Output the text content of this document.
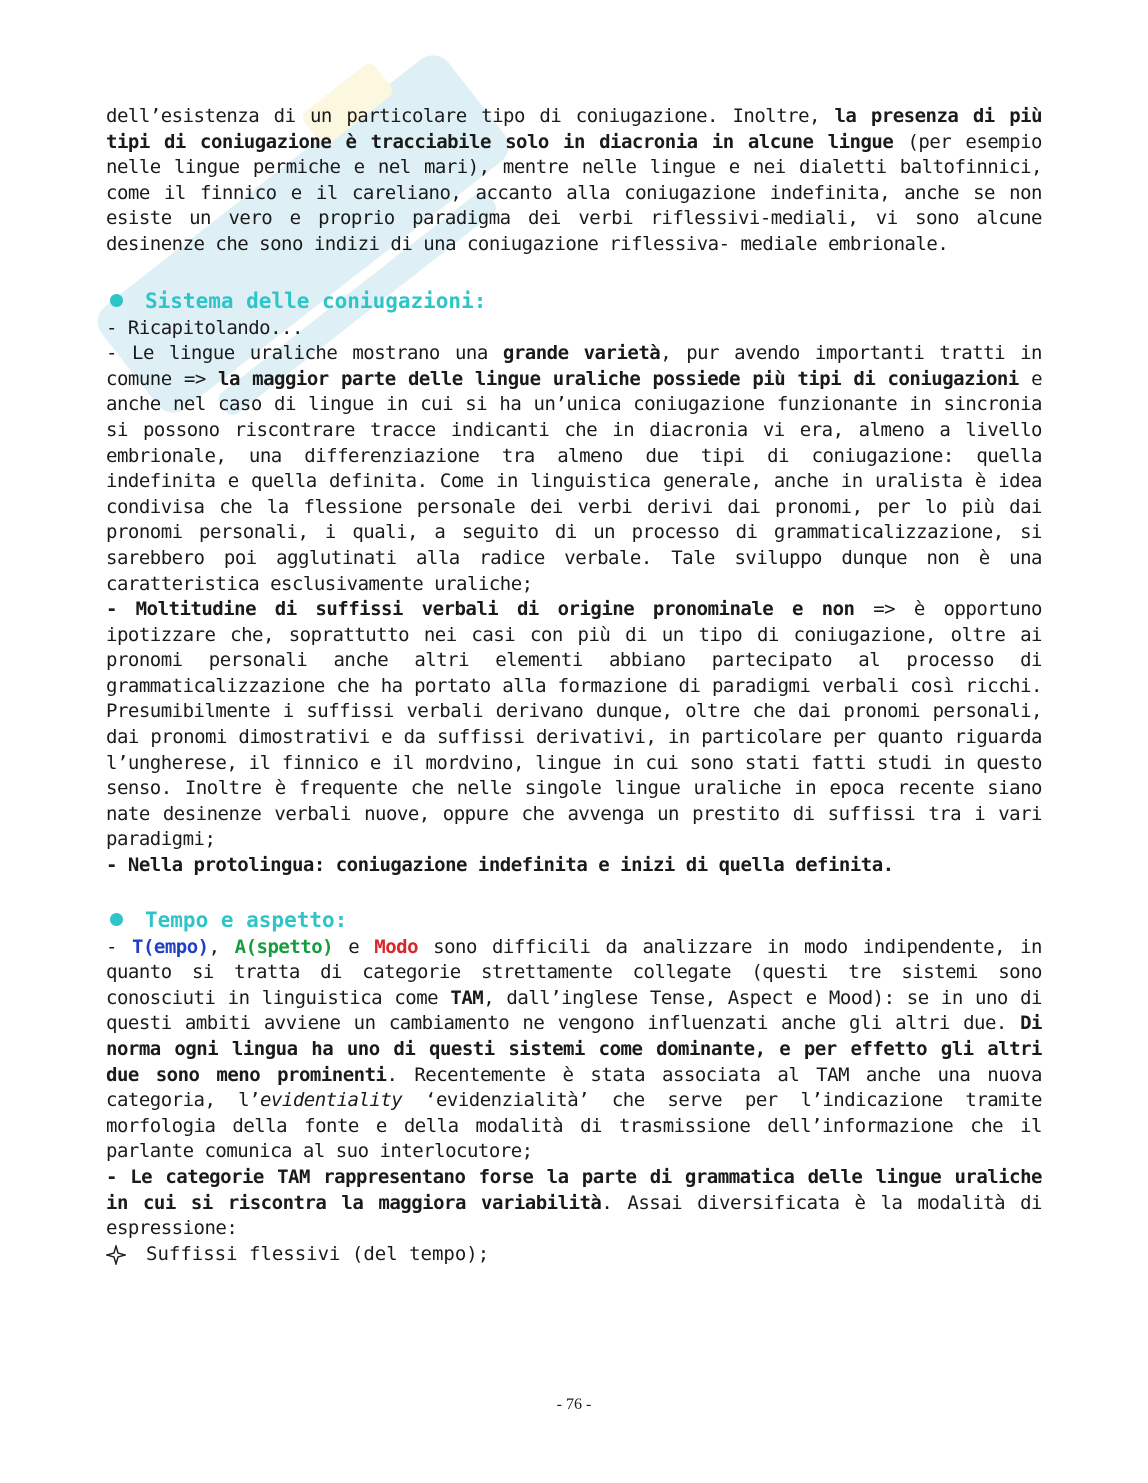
dell’esistenza di un particolare tipo di coniugazione. Inoltre, la presenza di più tipi di coniugazione è tracciabile solo in diacronia in alcune lingue (per esempio nelle lingue permiche e nel mari), mentre nelle lingue e nei dialetti baltofinnici, come il finnico e il careliano, accanto alla coniugazione indefinita, anche se non esiste un vero e proprio paradigma dei verbi riflessivi-mediali, vi sono alcune desinenze che sono indizi di una coniugazione riflessiva- mediale embrionale.

Sistema delle coniugazioni:

- Ricapitolando...

- Le lingue uraliche mostrano una grande varietà, pur avendo importanti tratti in comune => la maggior parte delle lingue uraliche possiede più tipi di coniugazioni e anche nel caso di lingue in cui si ha un’unica coniugazione funzionante in sincronia si possono riscontrare tracce indicanti che in diacronia vi era, almeno a livello embrionale, una differenziazione tra almeno due tipi di coniugazione: quella indefinita e quella definita. Come in linguistica generale, anche in uralista è idea condivisa che la flessione personale dei verbi derivi dai pronomi, per lo più dai pronomi personali, i quali, a seguito di un processo di grammaticalizzazione, si sarebbero poi agglutinati alla radice verbale. Tale sviluppo dunque non è una caratteristica esclusivamente uraliche;

- Moltitudine di suffissi verbali di origine pronominale e non => è opportuno ipotizzare che, soprattutto nei casi con più di un tipo di coniugazione, oltre ai pronomi personali anche altri elementi abbiano partecipato al processo di grammaticalizzazione che ha portato alla formazione di paradigmi verbali così ricchi. Presumibilmente i suffissi verbali derivano dunque, oltre che dai pronomi personali, dai pronomi dimostrativi e da suffissi derivativi, in particolare per quanto riguarda l’ungherese, il finnico e il mordvino, lingue in cui sono stati fatti studi in questo senso. Inoltre è frequente che nelle singole lingue uraliche in epoca recente siano nate desinenze verbali nuove, oppure che avvenga un prestito di suffissi tra i vari paradigmi;

- Nella protolingua: coniugazione indefinita e inizi di quella definita.

Tempo e aspetto:

- T(empo), A(spetto) e Modo sono difficili da analizzare in modo indipendente, in quanto si tratta di categorie strettamente collegate (questi tre sistemi sono conosciuti in linguistica come TAM, dall’inglese Tense, Aspect e Mood): se in uno di questi ambiti avviene un cambiamento ne vengono influenzati anche gli altri due. Di norma ogni lingua ha uno di questi sistemi come dominante, e per effetto gli altri due sono meno prominenti. Recentemente è stata associata al TAM anche una nuova categoria, l’evidentiality ‘evidenzialità’ che serve per l’indicazione tramite morfologia della fonte e della modalità di trasmissione dell’informazione che il parlante comunica al suo interlocutore;

- Le categorie TAM rappresentano forse la parte di grammatica delle lingue uraliche in cui si riscontra la maggiora variabilità. Assai diversificata è la modalità di espressione:

Suffissi flessivi (del tempo);
- 76 -
